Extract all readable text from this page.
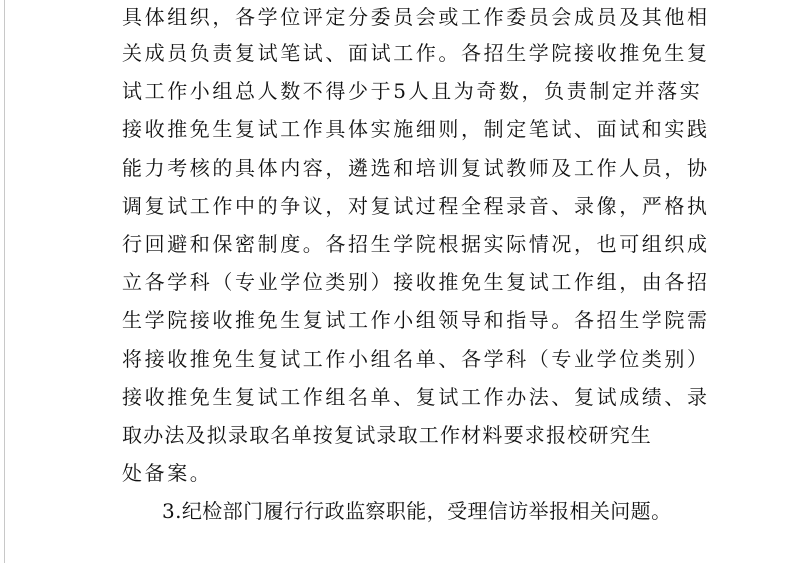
具体组织，各学位评定分委员会或工作委员会成员及其他相
关成员负责复试笔试、面试工作。各招生学院接收推免生复
试工作小组总人数不得少于5人且为奇数，负责制定并落实
接收推免生复试工作具体实施细则，制定笔试、面试和实践
能力考核的具体内容，遴选和培训复试教师及工作人员，协
调复试工作中的争议，对复试过程全程录音、录像，严格执
行回避和保密制度。各招生学院根据实际情况，也可组织成
立各学科（专业学位类别）接收推免生复试工作组，由各招
生学院接收推免生复试工作小组领导和指导。各招生学院需
将接收推免生复试工作小组名单、各学科（专业学位类别）
接收推免生复试工作组名单、复试工作办法、复试成绩、录
取办法及拟录取名单按复试录取工作材料要求报校研究生
处备案。
3.纪检部门履行行政监察职能，受理信访举报相关问题。
